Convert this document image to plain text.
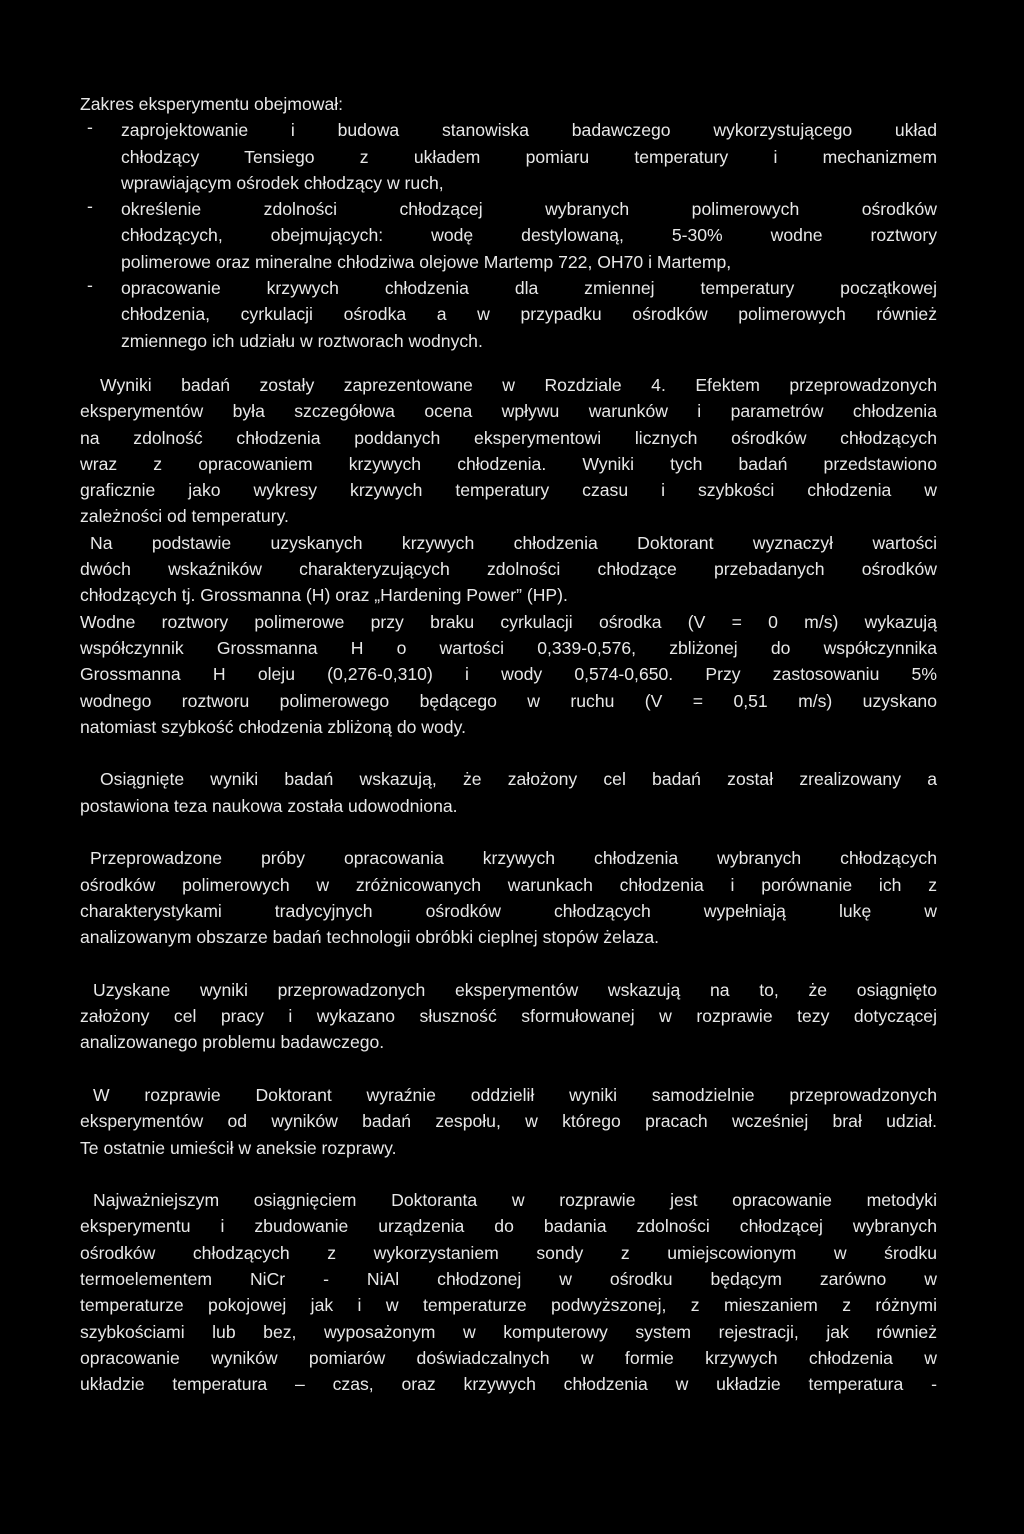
Zakres eksperymentu obejmował:
-	zaprojektowanie i budowa stanowiska badawczego wykorzystującego układ
chłodzący Tensiego z układem pomiaru temperatury i mechanizmem
wprawiającym ośrodek chłodzący w ruch,
-	określenie zdolności chłodzącej wybranych polimerowych ośrodków
chłodzących, obejmujących: wodę destylowaną, 5-30% wodne roztwory
polimerowe oraz mineralne chłodziwa olejowe Martemp 722, OH70 i Martemp,
-	opracowanie krzywych chłodzenia dla zmiennej temperatury początkowej
chłodzenia, cyrkulacji ośrodka a w przypadku ośrodków polimerowych również
zmiennego ich udziału w roztworach wodnych.
Wyniki badań zostały zaprezentowane w Rozdziale 4. Efektem przeprowadzonych
eksperymentów była szczegółowa ocena wpływu warunków i parametrów chłodzenia
na zdolność chłodzenia poddanych eksperymentowi licznych ośrodków chłodzących
wraz z opracowaniem krzywych chłodzenia. Wyniki tych badań przedstawiono
graficznie jako wykresy krzywych temperatury czasu i szybkości chłodzenia w
zależności od temperatury.
Na podstawie uzyskanych krzywych chłodzenia Doktorant wyznaczył wartości
dwóch wskaźników charakteryzujących zdolności chłodzące przebadanych ośrodków
chłodzących tj. Grossmanna (H) oraz „Hardening Power” (HP).
Wodne roztwory polimerowe przy braku cyrkulacji ośrodka (V = 0 m/s) wykazują
współczynnik Grossmanna H o wartości 0,339-0,576, zbliżonej do współczynnika
Grossmanna H oleju (0,276-0,310) i wody 0,574-0,650. Przy zastosowaniu 5%
wodnego roztworu polimerowego będącego w ruchu (V = 0,51 m/s) uzyskano
natomiast szybkość chłodzenia zbliżoną do wody.
Osiągnięte wyniki badań wskazują, że założony cel badań został zrealizowany a
postawiona teza naukowa została udowodniona.
Przeprowadzone próby opracowania krzywych chłodzenia wybranych chłodzących
ośrodków polimerowych w zróżnicowanych warunkach chłodzenia i porównanie ich z
charakterystykami tradycyjnych ośrodków chłodzących wypełniają lukę w
analizowanym obszarze badań technologii obróbki cieplnej stopów żelaza.
Uzyskane wyniki przeprowadzonych eksperymentów wskazują na to, że osiągnięto
założony cel pracy i wykazano słuszność sformułowanej w rozprawie tezy dotyczącej
analizowanego problemu badawczego.
W rozprawie Doktorant wyraźnie oddzielił wyniki samodzielnie przeprowadzonych
eksperymentów od wyników badań zespołu, w którego pracach wcześniej brał udział.
Te ostatnie umieścił w aneksie rozprawy.
Najważniejszym osiągnięciem Doktoranta w rozprawie jest opracowanie metodyki
eksperymentu i zbudowanie urządzenia do badania zdolności chłodzącej wybranych
ośrodków chłodzących z wykorzystaniem sondy z umiejscowionym w środku
termoelementem NiCr - NiAl chłodzonej w ośrodku będącym zarówno w
temperaturze pokojowej jak i w temperaturze podwyższonej, z mieszaniem z różnymi
szybkościami lub bez, wyposażonym w komputerowy system rejestracji, jak również
opracowanie wyników pomiarów doświadczalnych w formie krzywych chłodzenia w
układzie temperatura – czas, oraz krzywych chłodzenia w układzie temperatura -
